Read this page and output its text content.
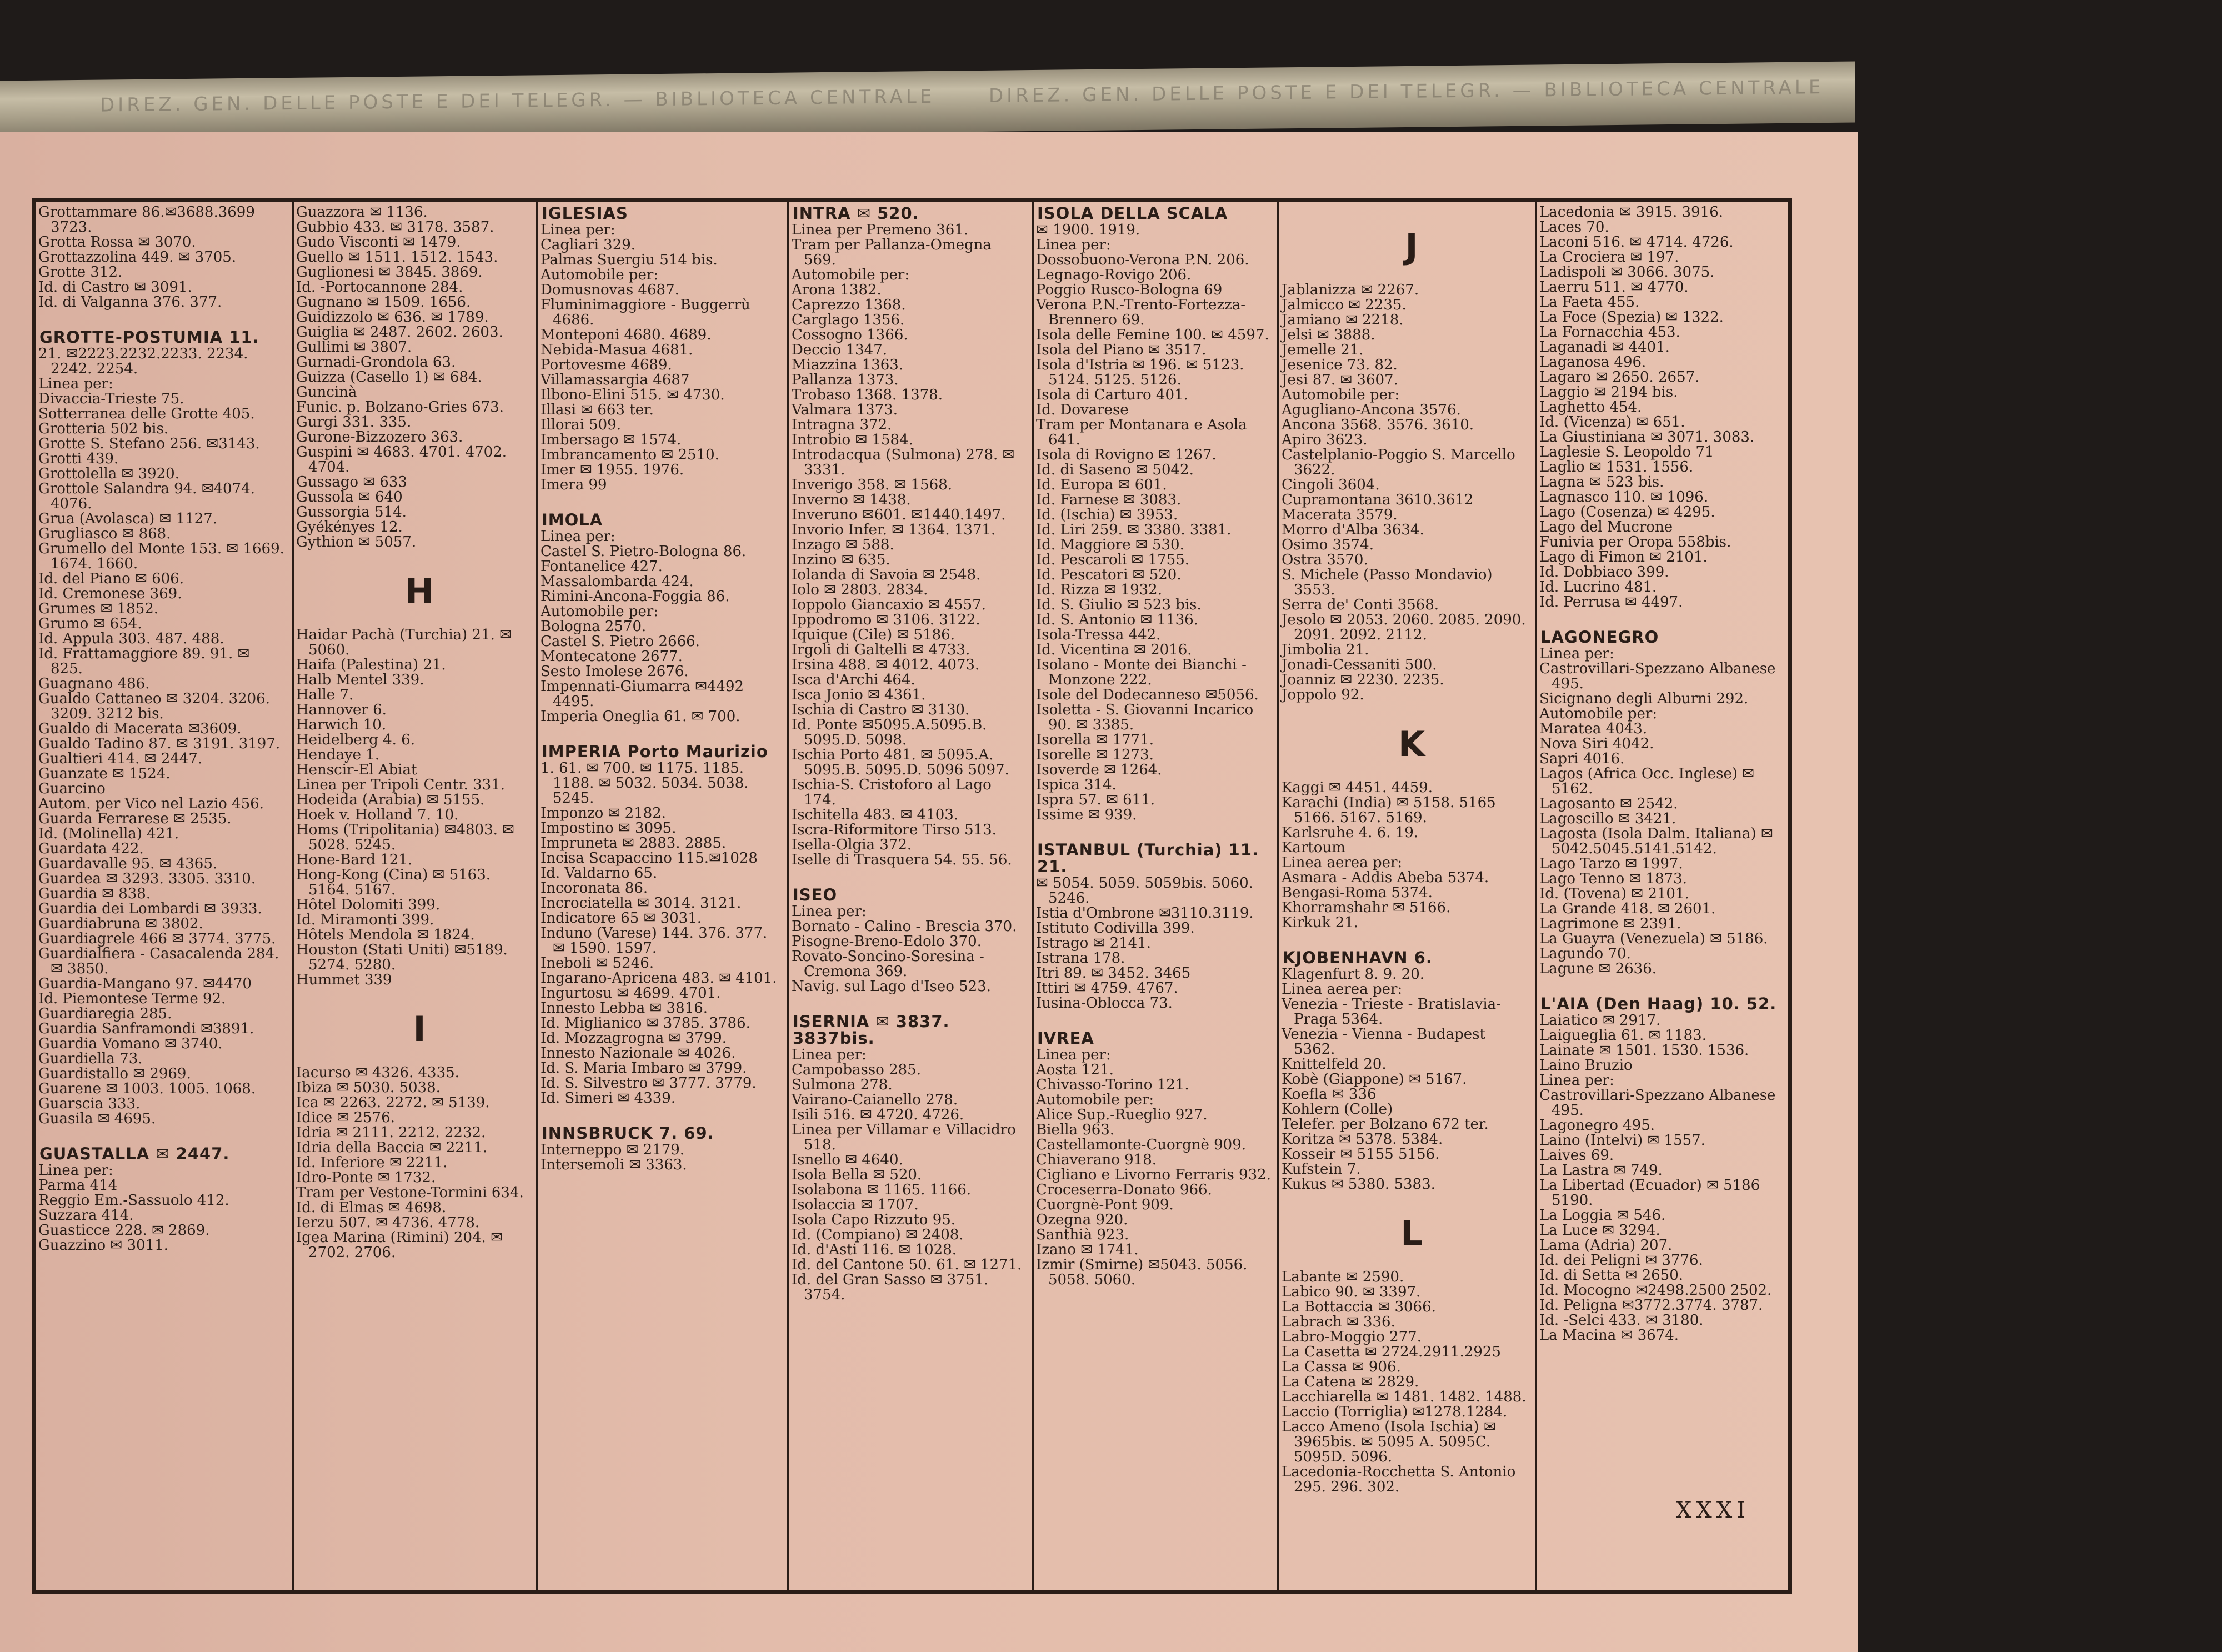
DIREZ. GEN. DELLE POSTE E DEI TELEGR. — BIBLIOTECA CENTRALE	DIREZ. GEN. DELLE POSTE E DEI TELEGR. — BIBLIOTECA CENTRALE
Grottammare 86.✉3688.3699 3723.
Grotta Rossa ✉ 3070.
Grottazzolina 449. ✉ 3705.
Grotte 312.
Id. di Castro ✉ 3091.
Id. di Valganna 376. 377.
GROTTE-POSTUMIA 11.
21. ✉2223.2232.2233. 2234. 2242. 2254.
Linea per:
Divaccia-Trieste 75.
Sotterranea delle Grotte 405.
Grotteria 502 bis.
Grotte S. Stefano 256. ✉3143.
Grotti 439.
Grottolella ✉ 3920.
Grottole Salandra 94. ✉4074. 4076.
Grua (Avolasca) ✉ 1127.
Grugliasco ✉ 868.
Grumello del Monte 153. ✉ 1669. 1674. 1660.
Id. del Piano ✉ 606.
Id. Cremonese 369.
Grumes ✉ 1852.
Grumo ✉ 654.
Id. Appula 303. 487. 488.
Id. Frattamaggiore 89. 91. ✉ 825.
Guagnano 486.
Gualdo Cattaneo ✉ 3204. 3206. 3209. 3212 bis.
Gualdo di Macerata ✉3609.
Gualdo Tadino 87. ✉ 3191. 3197.
Gualtieri 414. ✉ 2447.
Guanzate ✉ 1524.
Guarcino
Autom. per Vico nel Lazio 456.
Guarda Ferrarese ✉ 2535.
Id. (Molinella) 421.
Guardata 422.
Guardavalle 95. ✉ 4365.
Guardea ✉ 3293. 3305. 3310.
Guardia ✉ 838.
Guardia dei Lombardi ✉ 3933.
Guardiabruna ✉ 3802.
Guardiagrele 466 ✉ 3774. 3775.
Guardialfiera - Casacalenda 284. ✉ 3850.
Guardia-Mangano 97. ✉4470
Id. Piemontese Terme 92.
Guardiaregia 285.
Guardia Sanframondi ✉3891.
Guardia Vomano ✉ 3740.
Guardiella 73.
Guardistallo ✉ 2969.
Guarene ✉ 1003. 1005. 1068.
Guarscia 333.
Guasila ✉ 4695.
GUASTALLA ✉ 2447.
Linea per:
Parma 414
Reggio Em.-Sassuolo 412.
Suzzara 414.
Guasticce 228. ✉ 2869.
Guazzino ✉ 3011.
Guazzora ✉ 1136.
Gubbio 433. ✉ 3178. 3587.
Gudo Visconti ✉ 1479.
Guello ✉ 1511. 1512. 1543.
Guglionesi ✉ 3845. 3869.
Id. -Portocannone 284.
Gugnano ✉ 1509. 1656.
Guidizzolo ✉ 636. ✉ 1789.
Guiglia ✉ 2487. 2602. 2603.
Gullimi ✉ 3807.
Gurnadi-Grondola 63.
Guizza (Casello 1) ✉ 684.
Guncinà
Funic. p. Bolzano-Gries 673.
Gurgi 331. 335.
Gurone-Bizzozero 363.
Guspini ✉ 4683. 4701. 4702. 4704.
Gussago ✉ 633
Gussola ✉ 640
Gussorgia 514.
Gyékényes 12.
Gythion ✉ 5057.
H
Haidar Pachà (Turchia) 21. ✉ 5060.
Haifa (Palestina) 21.
Halb Mentel 339.
Halle 7.
Hannover 6.
Harwich 10.
Heidelberg 4. 6.
Hendaye 1.
Henscir-El Abiat
Linea per Tripoli Centr. 331.
Hodeida (Arabia) ✉ 5155.
Hoek v. Holland 7. 10.
Homs (Tripolitania) ✉4803. ✉ 5028. 5245.
Hone-Bard 121.
Hong-Kong (Cina) ✉ 5163. 5164. 5167.
Hôtel Dolomiti 399.
Id. Miramonti 399.
Hôtels Mendola ✉ 1824.
Houston (Stati Uniti) ✉5189. 5274. 5280.
Hummet 339
I
Iacurso ✉ 4326. 4335.
Ibiza ✉ 5030. 5038.
Ica ✉ 2263. 2272. ✉ 5139.
Idice ✉ 2576.
Idria ✉ 2111. 2212. 2232.
Idria della Baccia ✉ 2211.
Id. Inferiore ✉ 2211.
Idro-Ponte ✉ 1732.
Tram per Vestone-Tormini 634.
Id. di Elmas ✉ 4698.
Ierzu 507. ✉ 4736. 4778.
Igea Marina (Rimini) 204. ✉ 2702. 2706.
IGLESIAS
Linea per:
Cagliari 329.
Palmas Suergiu 514 bis.
Automobile per:
Domusnovas 4687.
Fluminimaggiore - Buggerrù 4686.
Monteponi 4680. 4689.
Nebida-Masua 4681.
Portovesme 4689.
Villamassargia 4687
Ilbono-Elini 515. ✉ 4730.
Illasi ✉ 663 ter.
Illorai 509.
Imbersago ✉ 1574.
Imbrancamento ✉ 2510.
Imer ✉ 1955. 1976.
Imera 99
IMOLA
Linea per:
Castel S. Pietro-Bologna 86.
Fontanelice 427.
Massalombarda 424.
Rimini-Ancona-Foggia 86.
Automobile per:
Bologna 2570.
Castel S. Pietro 2666.
Montecatone 2677.
Sesto Imolese 2676.
Impennati-Giumarra ✉4492 4495.
Imperia Oneglia 61. ✉ 700.
IMPERIA Porto Maurizio
1. 61. ✉ 700. ✉ 1175. 1185. 1188. ✉ 5032. 5034. 5038. 5245.
Imponzo ✉ 2182.
Impostino ✉ 3095.
Impruneta ✉ 2883. 2885.
Incisa Scapaccino 115.✉1028
Id. Valdarno 65.
Incoronata 86.
Incrociatella ✉ 3014. 3121.
Indicatore 65 ✉ 3031.
Induno (Varese) 144. 376. 377. ✉ 1590. 1597.
Ineboli ✉ 5246.
Ingarano-Apricena 483. ✉ 4101.
Ingurtosu ✉ 4699. 4701.
Innesto Lebba ✉ 3816.
Id. Miglianico ✉ 3785. 3786.
Id. Mozzagrogna ✉ 3799.
Innesto Nazionale ✉ 4026.
Id. S. Maria Imbaro ✉ 3799.
Id. S. Silvestro ✉ 3777. 3779.
Id. Simeri ✉ 4339.
INNSBRUCK 7. 69.
Interneppo ✉ 2179.
Intersemoli ✉ 3363.
INTRA ✉ 520.
Linea per Premeno 361.
Tram per Pallanza-Omegna 569.
Automobile per:
Arona 1382.
Caprezzo 1368.
Carglago 1356.
Cossogno 1366.
Deccio 1347.
Miazzina 1363.
Pallanza 1373.
Trobaso 1368. 1378.
Valmara 1373.
Intragna 372.
Introbio ✉ 1584.
Introdacqua (Sulmona) 278. ✉ 3331.
Inverigo 358. ✉ 1568.
Inverno ✉ 1438.
Inveruno ✉601. ✉1440.1497.
Invorio Infer. ✉ 1364. 1371.
Inzago ✉ 588.
Inzino ✉ 635.
Iolanda di Savoia ✉ 2548.
Iolo ✉ 2803. 2834.
Ioppolo Giancaxio ✉ 4557.
Ippodromo ✉ 3106. 3122.
Iquique (Cile) ✉ 5186.
Irgoli di Galtelli ✉ 4733.
Irsina 488. ✉ 4012. 4073.
Isca d'Archi 464.
Isca Jonio ✉ 4361.
Ischia di Castro ✉ 3130.
Id. Ponte ✉5095.A.5095.B. 5095.D. 5098.
Ischia Porto 481. ✉ 5095.A. 5095.B. 5095.D. 5096 5097.
Ischia-S. Cristoforo al Lago 174.
Ischitella 483. ✉ 4103.
Iscra-Riformitore Tirso 513.
Isella-Olgia 372.
Iselle di Trasquera 54. 55. 56.
ISEO
Linea per:
Bornato - Calino - Brescia 370.
Pisogne-Breno-Edolo 370.
Rovato-Soncino-Soresina -Cremona 369.
Navig. sul Lago d'Iseo 523.
ISERNIA ✉ 3837. 3837bis.
Linea per:
Campobasso 285.
Sulmona 278.
Vairano-Caianello 278.
Isili 516. ✉ 4720. 4726.
Linea per Villamar e Villacidro 518.
Isnello ✉ 4640.
Isola Bella ✉ 520.
Isolabona ✉ 1165. 1166.
Isolaccia ✉ 1707.
Isola Capo Rizzuto 95.
Id. (Compiano) ✉ 2408.
Id. d'Asti 116. ✉ 1028.
Id. del Cantone 50. 61. ✉ 1271.
Id. del Gran Sasso ✉ 3751. 3754.
ISOLA DELLA SCALA
✉ 1900. 1919.
Linea per:
Dossobuono-Verona P.N. 206.
Legnago-Rovigo 206.
Poggio Rusco-Bologna 69
Verona P.N.-Trento-Fortezza-Brennero 69.
Isola delle Femine 100. ✉ 4597.
Isola del Piano ✉ 3517.
Isola d'Istria ✉ 196. ✉ 5123. 5124. 5125. 5126.
Isola di Carturo 401.
Id. Dovarese
Tram per Montanara e Asola 641.
Isola di Rovigno ✉ 1267.
Id. di Saseno ✉ 5042.
Id. Europa ✉ 601.
Id. Farnese ✉ 3083.
Id. (Ischia) ✉ 3953.
Id. Liri 259. ✉ 3380. 3381.
Id. Maggiore ✉ 530.
Id. Pescaroli ✉ 1755.
Id. Pescatori ✉ 520.
Id. Rizza ✉ 1932.
Id. S. Giulio ✉ 523 bis.
Id. S. Antonio ✉ 1136.
Isola-Tressa 442.
Id. Vicentina ✉ 2016.
Isolano - Monte dei Bianchi - Monzone 222.
Isole del Dodecanneso ✉5056.
Isoletta - S. Giovanni Incarico 90. ✉ 3385.
Isorella ✉ 1771.
Isorelle ✉ 1273.
Isoverde ✉ 1264.
Ispica 314.
Ispra 57. ✉ 611.
Issime ✉ 939.
ISTANBUL (Turchia) 11. 21.
✉ 5054. 5059. 5059bis. 5060. 5246.
Istia d'Ombrone ✉3110.3119.
Istituto Codivilla 399.
Istrago ✉ 2141.
Istrana 178.
Itri 89. ✉ 3452. 3465
Ittiri ✉ 4759. 4767.
Iusina-Oblocca 73.
IVREA
Linea per:
Aosta 121.
Chivasso-Torino 121.
Automobile per:
Alice Sup.-Rueglio 927.
Biella 963.
Castellamonte-Cuorgnè 909.
Chiaverano 918.
Cigliano e Livorno Ferraris 932.
Croceserra-Donato 966.
Cuorgnè-Pont 909.
Ozegna 920.
Santhià 923.
Izano ✉ 1741.
Izmir (Smirne) ✉5043. 5056. 5058. 5060.
J
Jablanizza ✉ 2267.
Jalmicco ✉ 2235.
Jamiano ✉ 2218.
Jelsi ✉ 3888.
Jemelle 21.
Jesenice 73. 82.
Jesi 87. ✉ 3607.
Automobile per:
Agugliano-Ancona 3576.
Ancona 3568. 3576. 3610.
Apiro 3623.
Castelplanio-Poggio S. Marcello 3622.
Cingoli 3604.
Cupramontana 3610.3612
Macerata 3579.
Morro d'Alba 3634.
Osimo 3574.
Ostra 3570.
S. Michele (Passo Mondavio) 3553.
Serra de' Conti 3568.
Jesolo ✉ 2053. 2060. 2085. 2090. 2091. 2092. 2112.
Jimbolia 21.
Jonadi-Cessaniti 500.
Joanniz ✉ 2230. 2235.
Joppolo 92.
K
Kaggi ✉ 4451. 4459.
Karachi (India) ✉ 5158. 5165 5166. 5167. 5169.
Karlsruhe 4. 6. 19.
Kartoum
Linea aerea per:
Asmara - Addis Abeba 5374.
Bengasi-Roma 5374.
Khorramshahr ✉ 5166.
Kirkuk 21.
KJOBENHAVN 6.
Klagenfurt 8. 9. 20.
Linea aerea per:
Venezia - Trieste - Bratislavia-Praga 5364.
Venezia - Vienna - Budapest 5362.
Knittelfeld 20.
Kobè (Giappone) ✉ 5167.
Koefla ✉ 336
Kohlern (Colle)
Telefer. per Bolzano 672 ter.
Koritza ✉ 5378. 5384.
Kosseir ✉ 5155 5156.
Kufstein 7.
Kukus ✉ 5380. 5383.
L
Labante ✉ 2590.
Labico 90. ✉ 3397.
La Bottaccia ✉ 3066.
Labrach ✉ 336.
Labro-Moggio 277.
La Casetta ✉ 2724.2911.2925
La Cassa ✉ 906.
La Catena ✉ 2829.
Lacchiarella ✉ 1481. 1482. 1488.
Laccio (Torriglia) ✉1278.1284.
Lacco Ameno (Isola Ischia) ✉ 3965bis. ✉ 5095 A. 5095C. 5095D. 5096.
Lacedonia-Rocchetta S. Antonio 295. 296. 302.
Lacedonia ✉ 3915. 3916.
Laces 70.
Laconi 516. ✉ 4714. 4726.
La Crociera ✉ 197.
Ladispoli ✉ 3066. 3075.
Laerru 511. ✉ 4770.
La Faeta 455.
La Foce (Spezia) ✉ 1322.
La Fornacchia 453.
Laganadi ✉ 4401.
Laganosa 496.
Lagaro ✉ 2650. 2657.
Laggio ✉ 2194 bis.
Laghetto 454.
Id. (Vicenza) ✉ 651.
La Giustiniana ✉ 3071. 3083.
Laglesie S. Leopoldo 71
Laglio ✉ 1531. 1556.
Lagna ✉ 523 bis.
Lagnasco 110. ✉ 1096.
Lago (Cosenza) ✉ 4295.
Lago del Mucrone
Funivia per Oropa 558bis.
Lago di Fimon ✉ 2101.
Id. Dobbiaco 399.
Id. Lucrino 481.
Id. Perrusa ✉ 4497.
LAGONEGRO
Linea per:
Castrovillari-Spezzano Albanese 495.
Sicignano degli Alburni 292.
Automobile per:
Maratea 4043.
Nova Siri 4042.
Sapri 4016.
Lagos (Africa Occ. Inglese) ✉ 5162.
Lagosanto ✉ 2542.
Lagoscillo ✉ 3421.
Lagosta (Isola Dalm. Italiana) ✉ 5042.5045.5141.5142.
Lago Tarzo ✉ 1997.
Lago Tenno ✉ 1873.
Id. (Tovena) ✉ 2101.
La Grande 418. ✉ 2601.
Lagrimone ✉ 2391.
La Guayra (Venezuela) ✉ 5186.
Lagundo 70.
Lagune ✉ 2636.
L'AIA (Den Haag) 10. 52.
Laiatico ✉ 2917.
Laigueglia 61. ✉ 1183.
Lainate ✉ 1501. 1530. 1536.
Laino Bruzio
Linea per:
Castrovillari-Spezzano Albanese 495.
Lagonegro 495.
Laino (Intelvi) ✉ 1557.
Laives 69.
La Lastra ✉ 749.
La Libertad (Ecuador) ✉ 5186 5190.
La Loggia ✉ 546.
La Luce ✉ 3294.
Lama (Adria) 207.
Id. dei Peligni ✉ 3776.
Id. di Setta ✉ 2650.
Id. Mocogno ✉2498.2500 2502.
Id. Peligna ✉3772.3774. 3787.
Id. -Selci 433. ✉ 3180.
La Macina ✉ 3674.
XXXI
